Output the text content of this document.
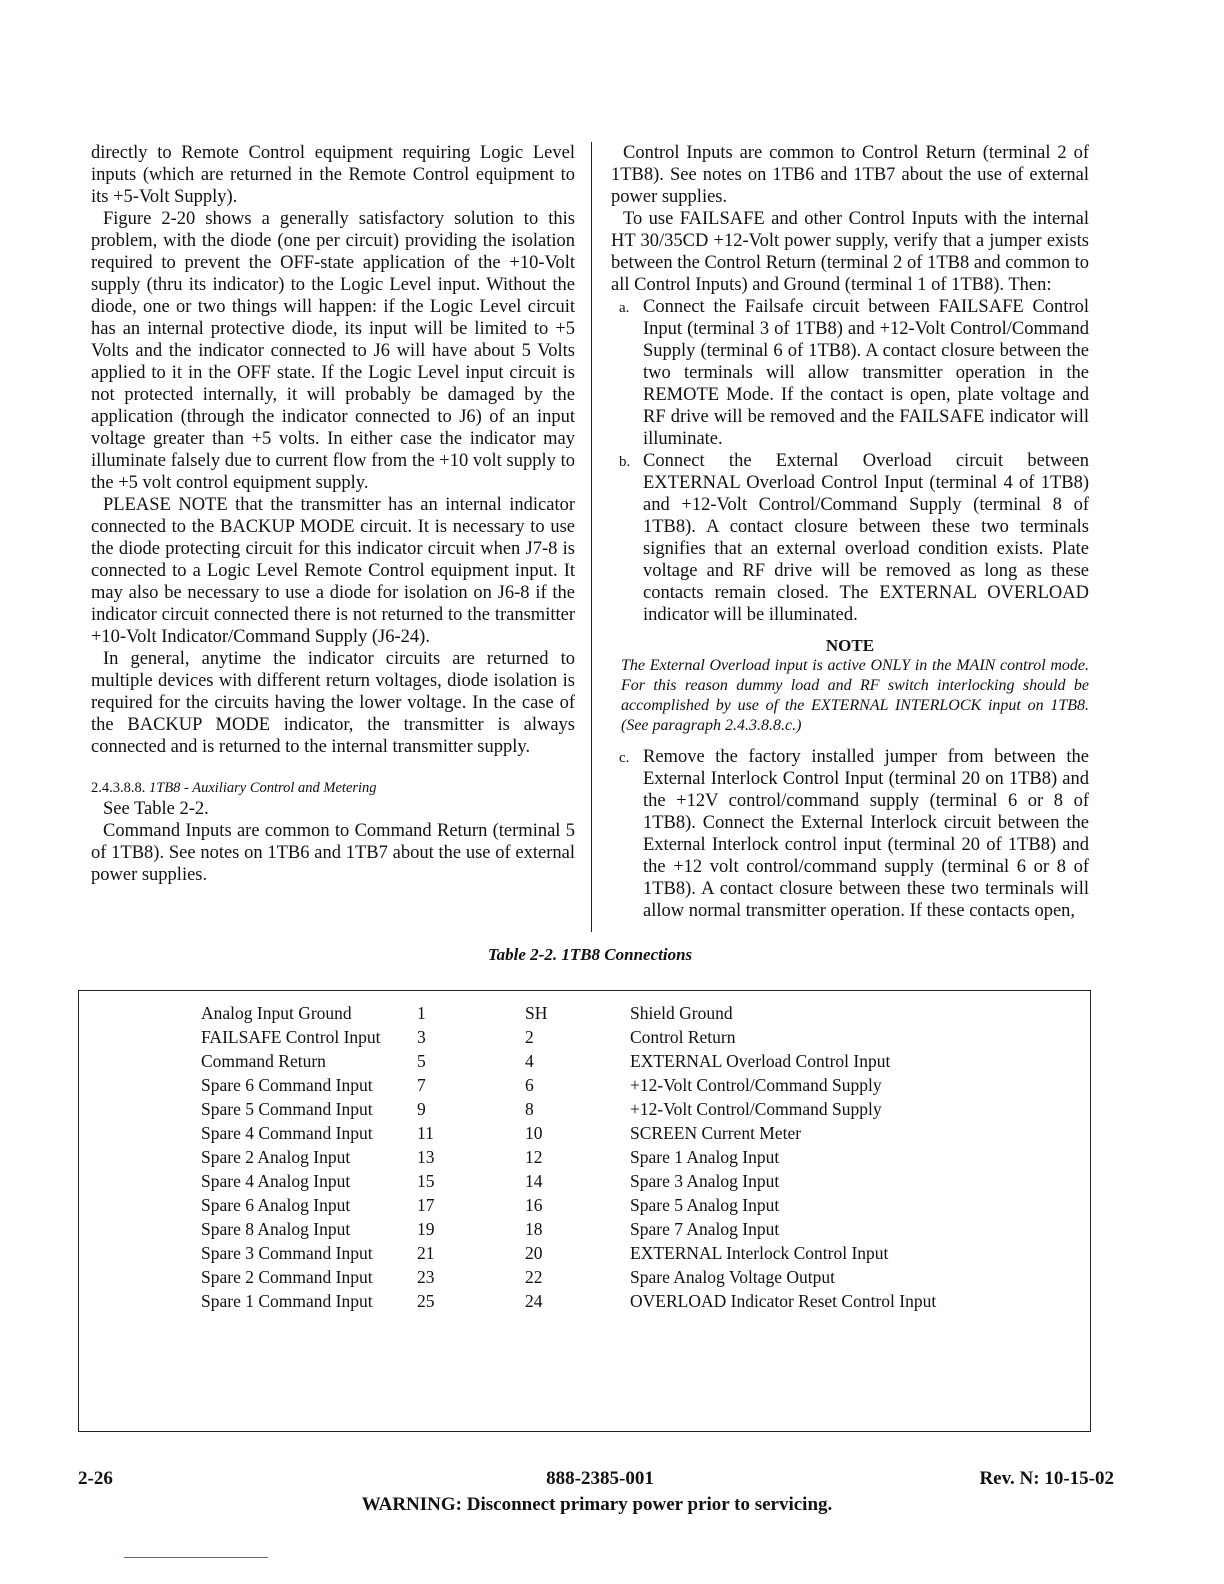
directly to Remote Control equipment requiring Logic Level inputs (which are returned in the Remote Control equipment to its +5-Volt Supply).

Figure 2-20 shows a generally satisfactory solution to this problem, with the diode (one per circuit) providing the isolation required to prevent the OFF-state application of the +10-Volt supply (thru its indicator) to the Logic Level input. Without the diode, one or two things will happen: if the Logic Level circuit has an internal protective diode, its input will be limited to +5 Volts and the indicator connected to J6 will have about 5 Volts applied to it in the OFF state. If the Logic Level input circuit is not protected internally, it will probably be damaged by the application (through the indicator connected to J6) of an input voltage greater than +5 volts. In either case the indicator may illuminate falsely due to current flow from the +10 volt supply to the +5 volt control equipment supply.

PLEASE NOTE that the transmitter has an internal indicator connected to the BACKUP MODE circuit. It is necessary to use the diode protecting circuit for this indicator circuit when J7-8 is connected to a Logic Level Remote Control equipment input. It may also be necessary to use a diode for isolation on J6-8 if the indicator circuit connected there is not returned to the transmitter +10-Volt Indicator/Command Supply (J6-24).

In general, anytime the indicator circuits are returned to multiple devices with different return voltages, diode isolation is required for the circuits having the lower voltage. In the case of the BACKUP MODE indicator, the transmitter is always connected and is returned to the internal transmitter supply.

2.4.3.8.8. 1TB8 - Auxiliary Control and Metering

See Table 2-2.

Command Inputs are common to Command Return (terminal 5 of 1TB8). See notes on 1TB6 and 1TB7 about the use of external power supplies.

Control Inputs are common to Control Return (terminal 2 of 1TB8). See notes on 1TB6 and 1TB7 about the use of external power supplies.

To use FAILSAFE and other Control Inputs with the internal HT 30/35CD +12-Volt power supply, verify that a jumper exists between the Control Return (terminal 2 of 1TB8 and common to all Control Inputs) and Ground (terminal 1 of 1TB8). Then:

a. Connect the Failsafe circuit between FAILSAFE Control Input (terminal 3 of 1TB8) and +12-Volt Control/Command Supply (terminal 6 of 1TB8). A contact closure between the two terminals will allow transmitter operation in the REMOTE Mode. If the contact is open, plate voltage and RF drive will be removed and the FAILSAFE indicator will illuminate.

b. Connect the External Overload circuit between EXTERNAL Overload Control Input (terminal 4 of 1TB8) and +12-Volt Control/Command Supply (terminal 8 of 1TB8). A contact closure between these two terminals signifies that an external overload condition exists. Plate voltage and RF drive will be removed as long as these contacts remain closed. The EXTERNAL OVERLOAD indicator will be illuminated.

NOTE

The External Overload input is active ONLY in the MAIN control mode. For this reason dummy load and RF switch interlocking should be accomplished by use of the EXTERNAL INTERLOCK input on 1TB8. (See paragraph 2.4.3.8.8.c.)

c. Remove the factory installed jumper from between the External Interlock Control Input (terminal 20 on 1TB8) and the +12V control/command supply (terminal 6 or 8 of 1TB8). Connect the External Interlock circuit between the External Interlock control input (terminal 20 of 1TB8) and the +12 volt control/command supply (terminal 6 or 8 of 1TB8). A contact closure between these two terminals will allow normal transmitter operation. If these contacts open,

Table 2-2. 1TB8 Connections
Analog Input Ground	1	SH	Shield Ground
FAILSAFE Control Input 3	2	Control Return
Command Return	5	4	EXTERNAL Overload Control Input
Spare 6 Command Input	7	6	+12-Volt Control/Command Supply
Spare 5 Command Input	9	8	+12-Volt Control/Command Supply
Spare 4 Command Input	11	10	SCREEN Current Meter
Spare 2 Analog Input	13	12	Spare 1 Analog Input
Spare 4 Analog Input	15	14	Spare 3 Analog Input
Spare 6 Analog Input	17	16	Spare 5 Analog Input
Spare 8 Analog Input	19	18	Spare 7 Analog Input
Spare 3 Command Input	21	20	EXTERNAL Interlock Control Input
Spare 2 Command Input	23	22	Spare Analog Voltage Output
Spare 1 Command Input	25	24	OVERLOAD Indicator Reset Control Input
2-26	888-2385-001	Rev. N: 10-15-02
WARNING: Disconnect primary power prior to servicing.
